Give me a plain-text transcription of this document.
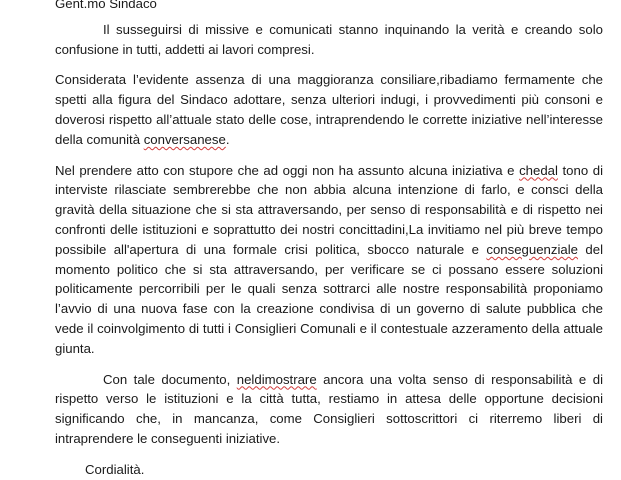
Gent.mo Sindaco

Il susseguirsi di missive e comunicati stanno inquinando la verità e creando solo confusione in tutti, addetti ai lavori compresi.

Considerata l’evidente assenza di una maggioranza consiliare,ribadiamo fermamente che spetti alla figura del Sindaco adottare, senza ulteriori indugi, i provvedimenti più consoni e doverosi rispetto all’attuale stato delle cose, intraprendendo le corrette iniziative nell’interesse della comunità conversanese.

Nel prendere atto con stupore che ad oggi non ha assunto alcuna iniziativa e chedal tono di interviste rilasciate sembrerebbe che non abbia alcuna intenzione di farlo, e consci della gravità della situazione che si sta attraversando, per senso di responsabilità e di rispetto nei confronti delle istituzioni e soprattutto dei nostri concittadini,La invitiamo nel più breve tempo possibile all'apertura di una formale crisi politica, sbocco naturale e conseguenziale del momento politico che si sta attraversando, per verificare se ci possano essere soluzioni politicamente percorribili per le quali senza sottrarci alle nostre responsabilità proponiamo l’avvio di una nuova fase con la creazione condivisa di un governo di salute pubblica che vede il coinvolgimento di tutti i Consiglieri Comunali e il contestuale azzeramento della attuale giunta.

Con tale documento, neldimostrare ancora una volta senso di responsabilità e di rispetto verso le istituzioni e la città tutta, restiamo in attesa delle opportune decisioni significando che, in mancanza, come Consiglieri sottoscrittori ci riterremo liberi di intraprendere le conseguenti iniziative.

Cordialità.
